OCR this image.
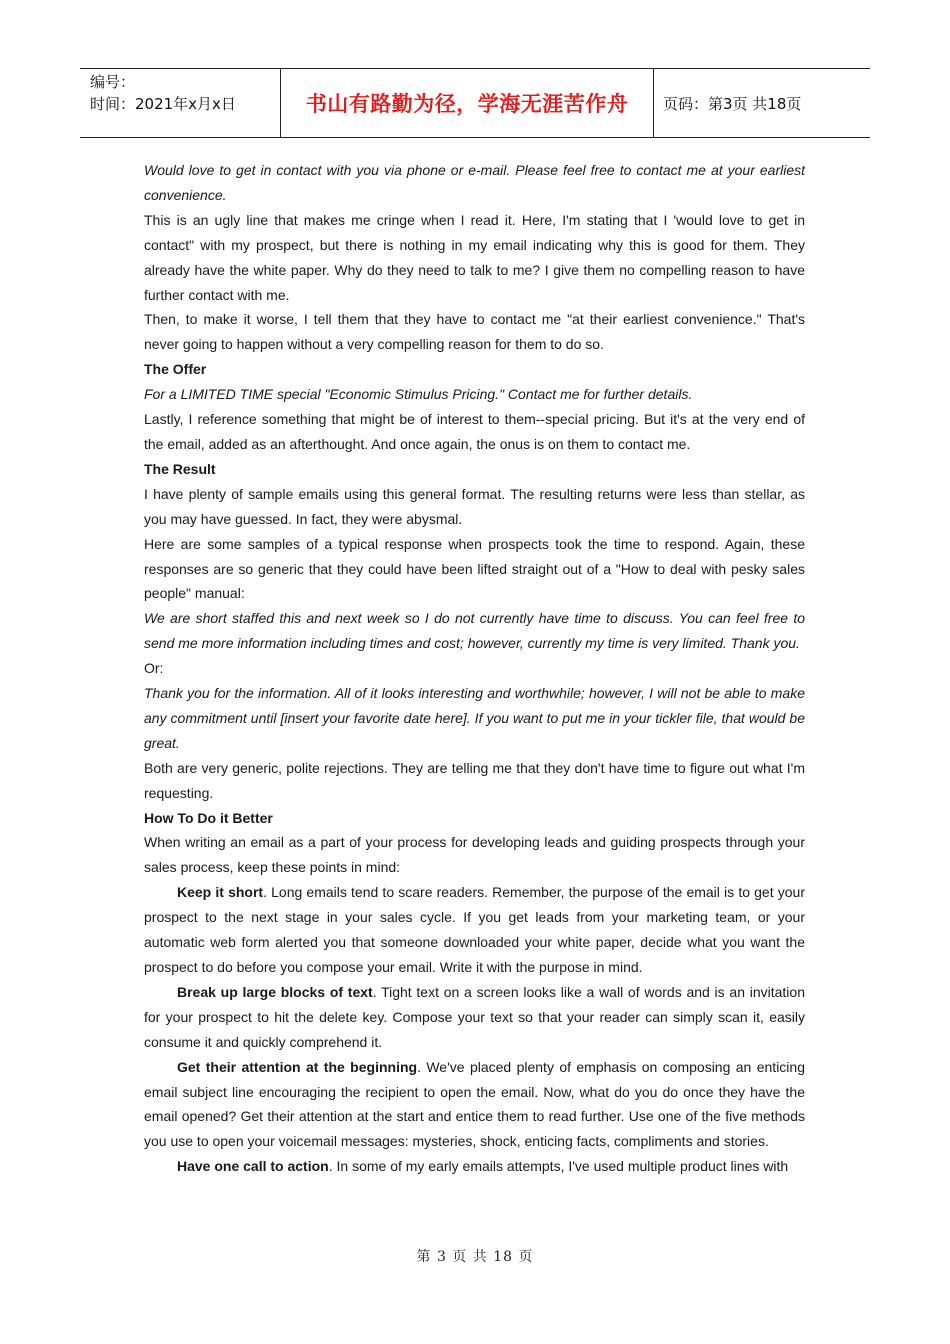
编号：
时间：2021年x月x日	书山有路勤为径，学海无涯苦作舟 页码：第3页 共18页

Would love to get in contact with you via phone or e-mail. Please feel free to contact me at your earliest convenience.

This is an ugly line that makes me cringe when I read it. Here, I'm stating that I 'would love to get in contact" with my prospect, but there is nothing in my email indicating why this is good for them. They already have the white paper. Why do they need to talk to me? I give them no compelling reason to have further contact with me.

Then, to make it worse, I tell them that they have to contact me "at their earliest convenience." That's never going to happen without a very compelling reason for them to do so.

The Offer

For a LIMITED TIME special "Economic Stimulus Pricing." Contact me for further details.

Lastly, I reference something that might be of interest to them--special pricing. But it's at the very end of the email, added as an afterthought. And once again, the onus is on them to contact me.

The Result

I have plenty of sample emails using this general format. The resulting returns were less than stellar, as you may have guessed. In fact, they were abysmal.

Here are some samples of a typical response when prospects took the time to respond. Again, these responses are so generic that they could have been lifted straight out of a "How to deal with pesky sales people" manual:

We are short staffed this and next week so I do not currently have time to discuss. You can feel free to send me more information including times and cost; however, currently my time is very limited. Thank you.

Or:

Thank you for the information. All of it looks interesting and worthwhile; however, I will not be able to make any commitment until [insert your favorite date here]. If you want to put me in your tickler file, that would be great.

Both are very generic, polite rejections. They are telling me that they don't have time to figure out what I'm requesting.

How To Do it Better

When writing an email as a part of your process for developing leads and guiding prospects through your sales process, keep these points in mind:

Keep it short. Long emails tend to scare readers. Remember, the purpose of the email is to get your prospect to the next stage in your sales cycle. If you get leads from your marketing team, or your automatic web form alerted you that someone downloaded your white paper, decide what you want the prospect to do before you compose your email. Write it with the purpose in mind.

Break up large blocks of text. Tight text on a screen looks like a wall of words and is an invitation for your prospect to hit the delete key. Compose your text so that your reader can simply scan it, easily consume it and quickly comprehend it.

Get their attention at the beginning. We've placed plenty of emphasis on composing an enticing email subject line encouraging the recipient to open the email. Now, what do you do once they have the email opened? Get their attention at the start and entice them to read further. Use one of the five methods you use to open your voicemail messages: mysteries, shock, enticing facts, compliments and stories.

Have one call to action. In some of my early emails attempts, I've used multiple product lines with

第 3 页 共 18 页
